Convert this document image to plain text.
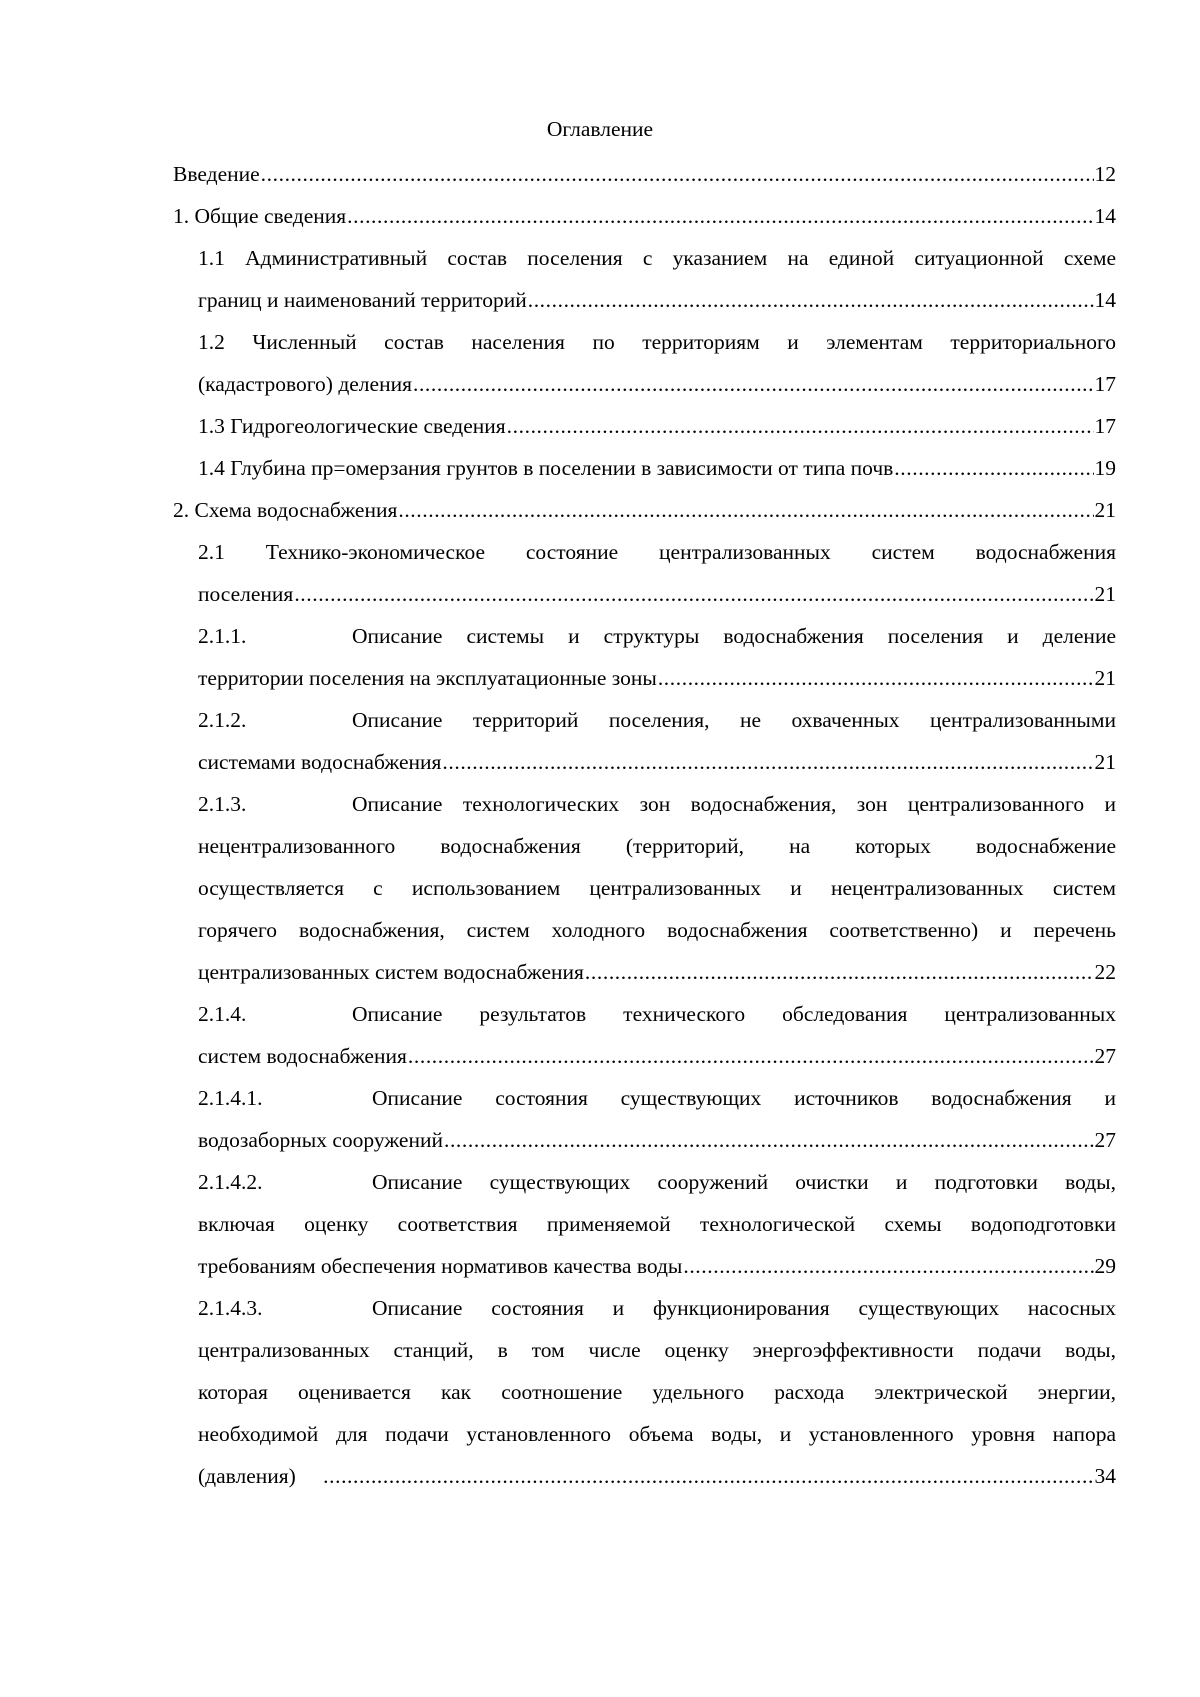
Оглавление
Введение .....	12
1. Общие сведения .....	14
1.1 Административный состав поселения с указанием на единой ситуационной схеме
границ и наименований территорий .....	14
1.2 Численный состав населения по территориям и элементам территориального
(кадастрового) деления .....	17
1.3 Гидрогеологические сведения .....	17
1.4 Глубина пр=омерзания грунтов в поселении в зависимости от типа почв .....	19
2. Схема водоснабжения .....	21
2.1 Технико-экономическое состояние централизованных систем водоснабжения
поселения .....	21
2.1.1.	Описание системы и структуры водоснабжения поселения и деление
территории поселения на эксплуатационные зоны .....	21
2.1.2.	Описание территорий поселения, не охваченных централизованными
системами водоснабжения .....	21
2.1.3.	Описание технологических зон водоснабжения, зон централизованного и
нецентрализованного водоснабжения (территорий, на которых водоснабжение
осуществляется с использованием централизованных и нецентрализованных систем
горячего водоснабжения, систем холодного водоснабжения соответственно) и перечень
централизованных систем водоснабжения .....	22
2.1.4.	Описание результатов технического обследования централизованных
систем водоснабжения .....	27
2.1.4.1.	Описание состояния существующих источников водоснабжения и
водозаборных сооружений .....	27
2.1.4.2.	Описание существующих сооружений очистки и подготовки воды,
включая оценку соответствия применяемой технологической схемы водоподготовки
требованиям обеспечения нормативов качества воды .....	29
2.1.4.3.	Описание состояния и функционирования существующих насосных
централизованных станций, в том числе оценку энергоэффективности подачи воды,
которая оценивается как соотношение удельного расхода электрической энергии,
необходимой для подачи установленного объема воды, и установленного уровня напора
(давления) .....	34
